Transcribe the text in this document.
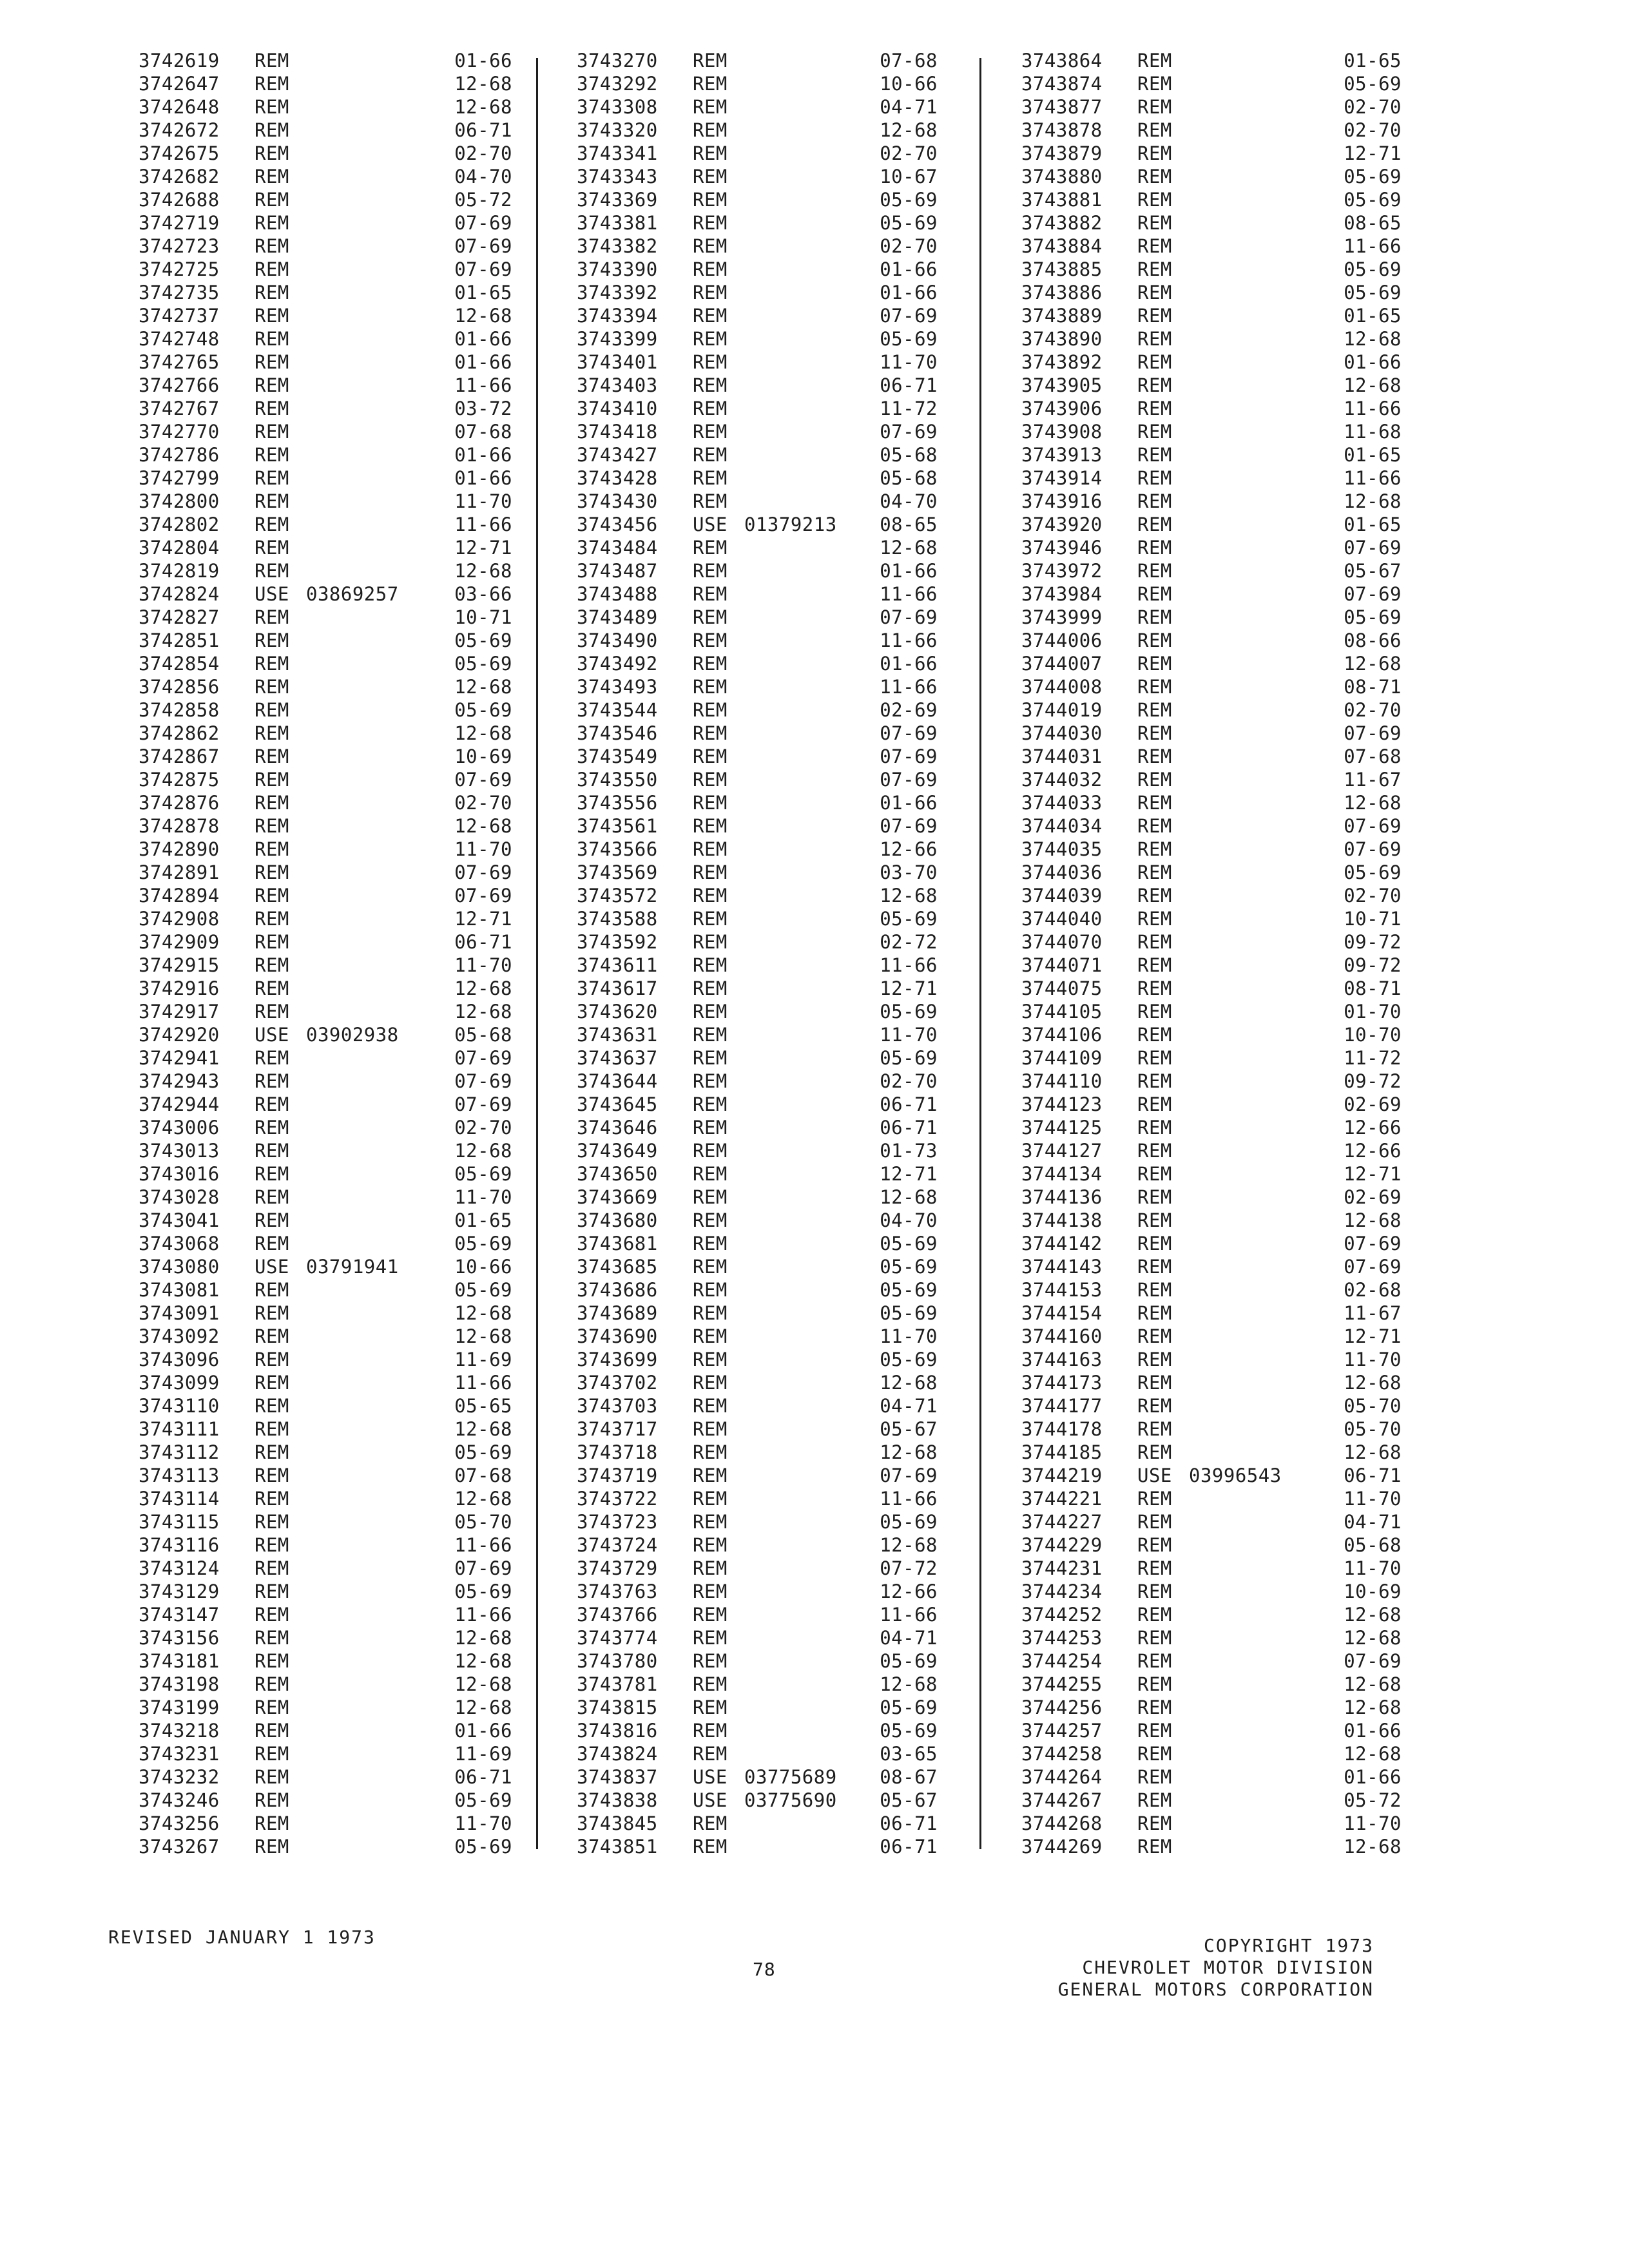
3742619 REM	01-66
3742647 REM	12-68
3742648 REM	12-68
3742672 REM	06-71
3742675 REM	02-70
3742682 REM	04-70
3742688 REM	05-72
3742719 REM	07-69
3742723 REM	07-69
3742725 REM	07-69
3742735 REM	01-65
3742737 REM	12-68
3742748 REM	01-66
3742765 REM	01-66
3742766 REM	11-66
3742767 REM	03-72
3742770 REM	07-68
3742786 REM	01-66
3742799 REM	01-66
3742800 REM	11-70
3742802 REM	11-66
3742804 REM	12-71
3742819 REM	12-68
3742824 USE 03869257	03-66
3742827 REM	10-71
3742851 REM	05-69
3742854 REM	05-69
3742856 REM	12-68
3742858 REM	05-69
3742862 REM	12-68
3742867 REM	10-69
3742875 REM	07-69
3742876 REM	02-70
3742878 REM	12-68
3742890 REM	11-70
3742891 REM	07-69
3742894 REM	07-69
3742908 REM	12-71
3742909 REM	06-71
3742915 REM	11-70
3742916 REM	12-68
3742917 REM	12-68
3742920 USE 03902938	05-68
3742941 REM	07-69
3742943 REM	07-69
3742944 REM	07-69
3743006 REM	02-70
3743013 REM	12-68
3743016 REM	05-69
3743028 REM	11-70
3743041 REM	01-65
3743068 REM	05-69
3743080 USE 03791941	10-66
3743081 REM	05-69
3743091 REM	12-68
3743092 REM	12-68
3743096 REM	11-69
3743099 REM	11-66
3743110 REM	05-65
3743111 REM	12-68
3743112 REM	05-69
3743113 REM	07-68
3743114 REM	12-68
3743115 REM	05-70
3743116 REM	11-66
3743124 REM	07-69
3743129 REM	05-69
3743147 REM	11-66
3743156 REM	12-68
3743181 REM	12-68
3743198 REM	12-68
3743199 REM	12-68
3743218 REM	01-66
3743231 REM	11-69
3743232 REM	06-71
3743246 REM	05-69
3743256 REM	11-70
3743267 REM	05-69
3743270 REM	07-68
3743292 REM	10-66
3743308 REM	04-71
3743320 REM	12-68
3743341 REM	02-70
3743343 REM	10-67
3743369 REM	05-69
3743381 REM	05-69
3743382 REM	02-70
3743390 REM	01-66
3743392 REM	01-66
3743394 REM	07-69
3743399 REM	05-69
3743401 REM	11-70
3743403 REM	06-71
3743410 REM	11-72
3743418 REM	07-69
3743427 REM	05-68
3743428 REM	05-68
3743430 REM	04-70
3743456 USE 01379213 08-65
3743484 REM	12-68
3743487 REM	01-66
3743488 REM	11-66
3743489 REM	07-69
3743490 REM	11-66
3743492 REM	01-66
3743493 REM	11-66
3743544 REM	02-69
3743546 REM	07-69
3743549 REM	07-69
3743550 REM	07-69
3743556 REM	01-66
3743561 REM	07-69
3743566 REM	12-66
3743569 REM	03-70
3743572 REM	12-68
3743588 REM	05-69
3743592 REM	02-72
3743611 REM	11-66
3743617 REM	12-71
3743620 REM	05-69
3743631 REM	11-70
3743637 REM	05-69
3743644 REM	02-70
3743645 REM	06-71
3743646 REM	06-71
3743649 REM	01-73
3743650 REM	12-71
3743669 REM	12-68
3743680 REM	04-70
3743681 REM	05-69
3743685 REM	05-69
3743686 REM	05-69
3743689 REM	05-69
3743690 REM	11-70
3743699 REM	05-69
3743702 REM	12-68
3743703 REM	04-71
3743717 REM	05-67
3743718 REM	12-68
3743719 REM	07-69
3743722 REM	11-66
3743723 REM	05-69
3743724 REM	12-68
3743729 REM	07-72
3743763 REM	12-66
3743766 REM	11-66
3743774 REM	04-71
3743780 REM	05-69
3743781 REM	12-68
3743815 REM	05-69
3743816 REM	05-69
3743824 REM	03-65
3743837 USE 03775689 08-67
3743838 USE 03775690 05-67
3743845 REM	06-71
3743851 REM	06-71
3743864 REM	01-65
3743874 REM	05-69
3743877 REM	02-70
3743878 REM	02-70
3743879 REM	12-71
3743880 REM	05-69
3743881 REM	05-69
3743882 REM	08-65
3743884 REM	11-66
3743885 REM	05-69
3743886 REM	05-69
3743889 REM	01-65
3743890 REM	12-68
3743892 REM	01-66
3743905 REM	12-68
3743906 REM	11-66
3743908 REM	11-68
3743913 REM	01-65
3743914 REM	11-66
3743916 REM	12-68
3743920 REM	01-65
3743946 REM	07-69
3743972 REM	05-67
3743984 REM	07-69
3743999 REM	05-69
3744006 REM	08-66
3744007 REM	12-68
3744008 REM	08-71
3744019 REM	02-70
3744030 REM	07-69
3744031 REM	07-68
3744032 REM	11-67
3744033 REM	12-68
3744034 REM	07-69
3744035 REM	07-69
3744036 REM	05-69
3744039 REM	02-70
3744040 REM	10-71
3744070 REM	09-72
3744071 REM	09-72
3744075 REM	08-71
3744105 REM	01-70
3744106 REM	10-70
3744109 REM	11-72
3744110 REM	09-72
3744123 REM	02-69
3744125 REM	12-66
3744127 REM	12-66
3744134 REM	12-71
3744136 REM	02-69
3744138 REM	12-68
3744142 REM	07-69
3744143 REM	07-69
3744153 REM	02-68
3744154 REM	11-67
3744160 REM	12-71
3744163 REM	11-70
3744173 REM	12-68
3744177 REM	05-70
3744178 REM	05-70
3744185 REM	12-68
3744219 USE 03996543	06-71
3744221 REM	11-70
3744227 REM	04-71
3744229 REM	05-68
3744231 REM	11-70
3744234 REM	10-69
3744252 REM	12-68
3744253 REM	12-68
3744254 REM	07-69
3744255 REM	12-68
3744256 REM	12-68
3744257 REM	01-66
3744258 REM	12-68
3744264 REM	01-66
3744267 REM	05-72
3744268 REM	11-70
3744269 REM	12-68
REVISED JANUARY 1 1973
78
COPYRIGHT 1973
CHEVROLET MOTOR DIVISION
GENERAL MOTORS CORPORATION
